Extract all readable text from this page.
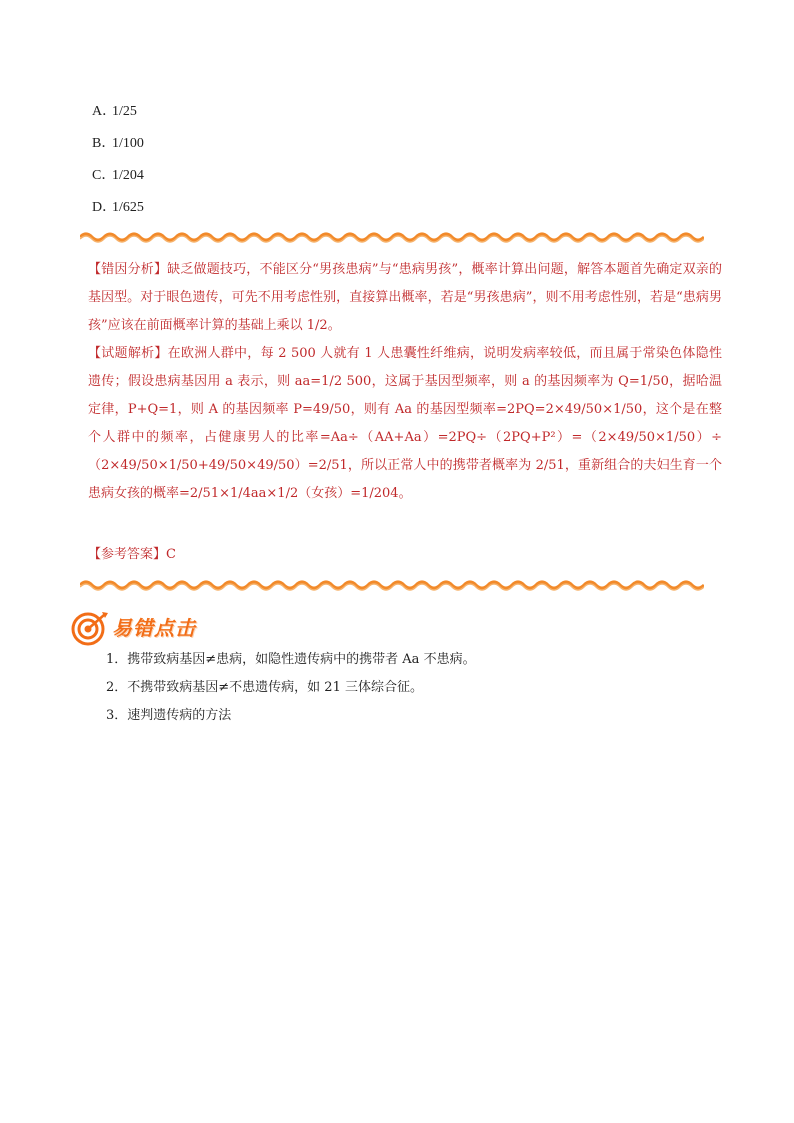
A．1/25
B．1/100
C．1/204
D．1/625
【错因分析】缺乏做题技巧，不能区分“男孩患病”与“患病男孩”，概率计算出问题，解答本题首先确定双亲的基因型。对于眼色遗传，可先不用考虑性别，直接算出概率，若是“男孩患病”，则不用考虑性别，若是“患病男孩”应该在前面概率计算的基础上乘以 1/2。
【试题解析】在欧洲人群中，每 2 500 人就有 1 人患囊性纤维病，说明发病率较低，而且属于常染色体隐性遗传；假设患病基因用 a 表示，则 aa=1/2 500，这属于基因型频率，则 a 的基因频率为 Q=1/50，据哈温定律，P+Q=1，则 A 的基因频率 P=49/50，则有 Aa 的基因型频率=2PQ=2×49/50×1/50，这个是在整个人群中的频率，占健康男人的比率=Aa÷（AA+Aa）=2PQ÷（2PQ+P²）=（2×49/50×1/50）÷（2×49/50×1/50+49/50×49/50）=2/51，所以正常人中的携带者概率为 2/51，重新组合的夫妇生育一个患病女孩的概率=2/51×1/4aa×1/2（女孩）=1/204。
【参考答案】C
易错点击
1．携带致病基因≠患病，如隐性遗传病中的携带者 Aa 不患病。
2．不携带致病基因≠不患遗传病，如 21 三体综合征。
3．速判遗传病的方法
